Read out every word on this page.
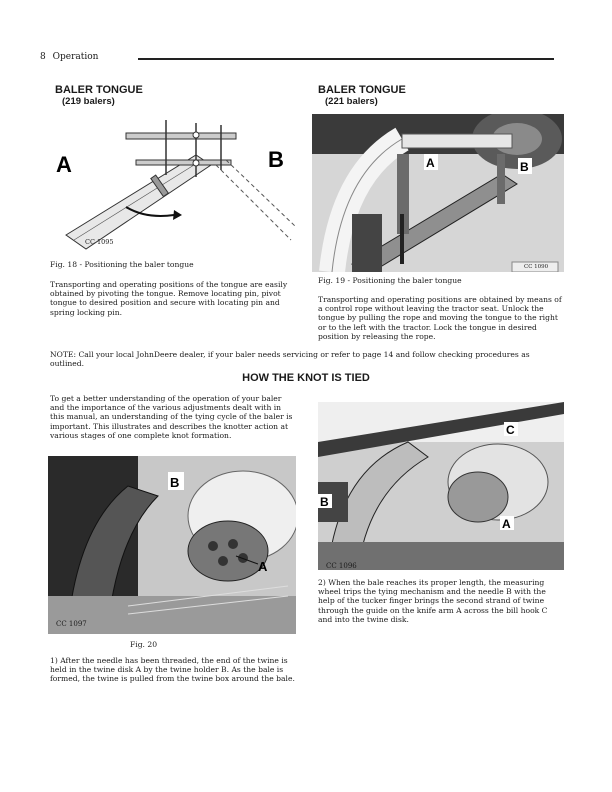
8 Operation
BALER TONGUE
(219 balers)
A	B
CC 1095
Fig. 18 - Positioning the baler tongue
Transporting and operating positions of the tongue are easily obtained by pivoting the tongue. Remove locating pin, pivot tongue to desired position and secure with locating pin and spring locking pin.
BALER TONGUE
(221 balers)
A	B
CC 1090
Fig. 19 - Positioning the baler tongue
Transporting and operating positions are obtained by means of a control rope without leaving the tractor seat. Unlock the tongue by pulling the rope and moving the tongue to the right or to the left with the tractor. Lock the tongue in desired position by releasing the rope.
NOTE: Call your local JohnDeere dealer, if your baler needs servicing or refer to page 14 and follow checking procedures as outlined.
HOW THE KNOT IS TIED
To get a better understanding of the operation of your baler and the importance of the various adjustments dealt with in this manual, an understanding of the tying cycle of the baler is important. This illustrates and describes the knotter action at various stages of one complete knot formation.
B
A
CC 1097
Fig. 20
1) After the needle has been threaded, the end of the twine is held in the twine disk A by the twine holder B. As the bale is formed, the twine is pulled from the twine box around the bale.
B
A
C
CC 1096
2) When the bale reaches its proper length, the measuring wheel trips the tying mechanism and the needle B with the help of the tucker finger brings the second strand of twine through the guide on the knife arm A across the bill hook C and into the twine disk.
